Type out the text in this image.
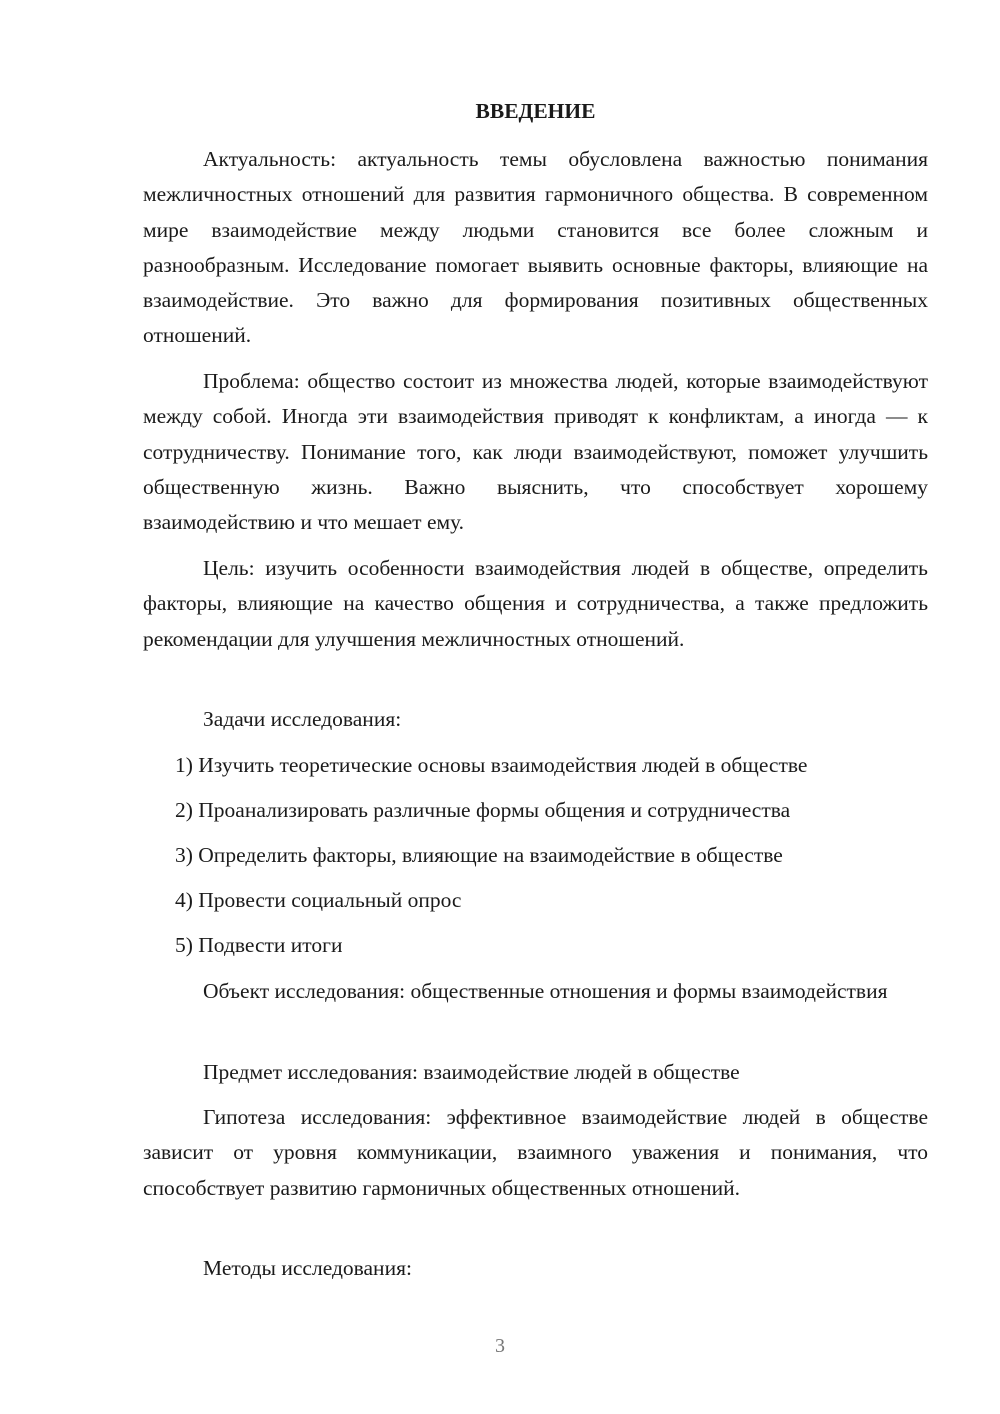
ВВЕДЕНИЕ

Актуальность: актуальность темы обусловлена важностью понимания межличностных отношений для развития гармоничного общества. В современном мире взаимодействие между людьми становится все более сложным и разнообразным. Исследование помогает выявить основные факторы, влияющие на взаимодействие. Это важно для формирования позитивных общественных отношений.

Проблема: общество состоит из множества людей, которые взаимодействуют между собой. Иногда эти взаимодействия приводят к конфликтам, а иногда — к сотрудничеству. Понимание того, как люди взаимодействуют, поможет улучшить общественную жизнь. Важно выяснить, что способствует хорошему взаимодействию и что мешает ему.

Цель: изучить особенности взаимодействия людей в обществе, определить факторы, влияющие на качество общения и сотрудничества, а также предложить рекомендации для улучшения межличностных отношений.

Задачи исследования:

1) Изучить теоретические основы взаимодействия людей в обществе

2) Проанализировать различные формы общения и сотрудничества

3) Определить факторы, влияющие на взаимодействие в обществе

4) Провести социальный опрос

5) Подвести итоги

Объект исследования: общественные отношения и формы взаимодействия

Предмет исследования: взаимодействие людей в обществе

Гипотеза исследования: эффективное взаимодействие людей в обществе зависит от уровня коммуникации, взаимного уважения и понимания, что способствует развитию гармоничных общественных отношений.

Методы исследования:

3
